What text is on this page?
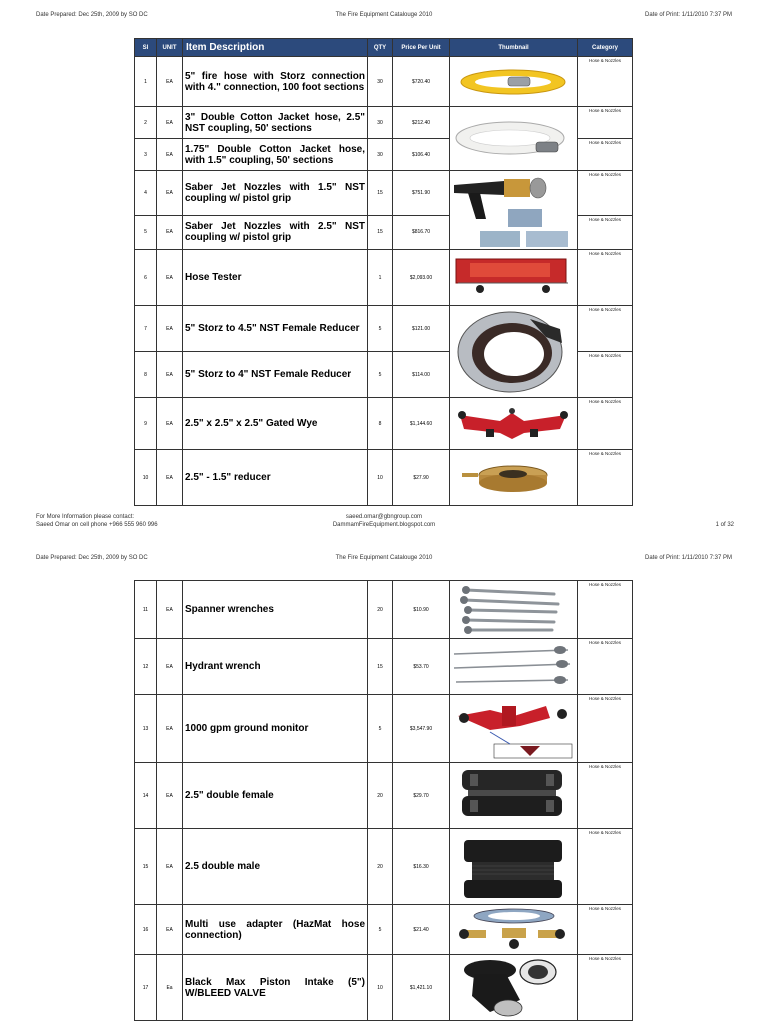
Date Prepared: Dec 25th, 2009 by SO DC	The Fire Equipment Catalouge 2010	Date of Print: 1/11/2010 7:37 PM
Sl	UNIT	Item Description	QTY	Price Per Unit	Thumbnail	Category
1	EA	5" fire hose with Storz connection with 4." connection, 100 foot sections	30	$720.40		Hose & Nozzles
2	EA	3" Double Cotton Jacket hose, 2.5" NST coupling, 50' sections	30	$212.40		Hose & Nozzles
3	EA	1.75" Double Cotton Jacket hose, with 1.5" coupling, 50' sections	30	$106.40		Hose & Nozzles
4	EA	Saber Jet Nozzles with 1.5" NST coupling w/ pistol grip	15	$751.90		Hose & Nozzles
5	EA	Saber Jet Nozzles with 2.5" NST coupling w/ pistol grip	15	$816.70		Hose & Nozzles
6	EA	Hose Tester	1	$2,093.00		Hose & Nozzles
7	EA	5" Storz to 4.5" NST Female Reducer	5	$121.00		Hose & Nozzles
8	EA	5" Storz to 4" NST Female Reducer	5	$114.00		Hose & Nozzles
9	EA	2.5" x 2.5" x 2.5" Gated Wye	8	$1,144.60		Hose & Nozzles
10	EA	2.5" - 1.5" reducer	10	$27.90		Hose & Nozzles
For More Information please contact:
Saeed Omar on cell phone +966 555 960 996
saeed.omar@gbngroup.com
DammamFireEquipment.blogspot.com	1 of 32
Date Prepared: Dec 25th, 2009 by SO DC	The Fire Equipment Catalouge 2010	Date of Print: 1/11/2010 7:37 PM
11	EA	Spanner wrenches	20	$10.90		Hose & Nozzles
12	EA	Hydrant wrench	15	$53.70		Hose & Nozzles
13	EA	1000 gpm ground monitor	5	$3,547.90		Hose & Nozzles
14	EA	2.5" double female	20	$29.70		Hose & Nozzles
15	EA	2.5 double male	20	$16.30		Hose & Nozzles
16	EA	Multi use adapter (HazMat hose connection)	5	$21.40		Hose & Nozzles
17	Ea	Black Max Piston Intake (5") W/BLEED VALVE	10	$1,421.10		Hose & Nozzles
